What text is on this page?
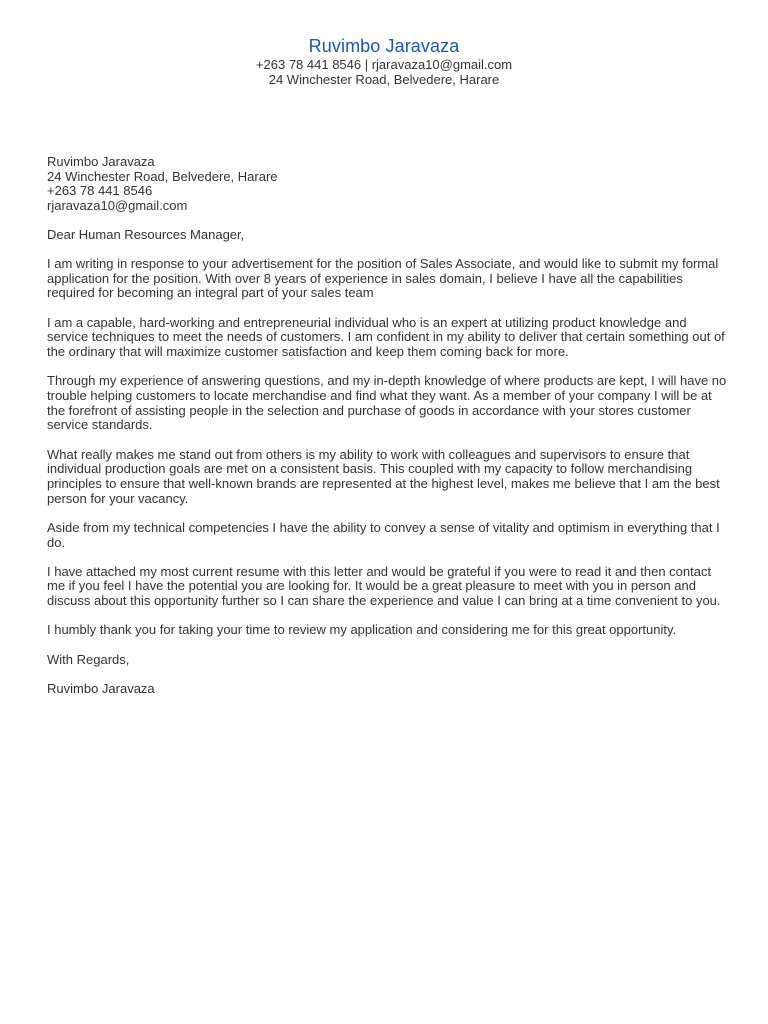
Ruvimbo Jaravaza
+263 78 441 8546 | rjaravaza10@gmail.com
24 Winchester Road, Belvedere, Harare
Ruvimbo Jaravaza
24 Winchester Road, Belvedere, Harare
+263 78 441 8546
rjaravaza10@gmail.com
Dear Human Resources Manager,
I am writing in response to your advertisement for the position of Sales Associate, and would like to submit my formal application for the position. With over 8 years of experience in sales domain, I believe I have all the capabilities required for becoming an integral part of your sales team
I am a capable, hard-working and entrepreneurial individual who is an expert at utilizing product knowledge and service techniques to meet the needs of customers. I am confident in my ability to deliver that certain something out of the ordinary that will maximize customer satisfaction and keep them coming back for more.
Through my experience of answering questions, and my in-depth knowledge of where products are kept, I will have no trouble helping customers to locate merchandise and find what they want. As a member of your company I will be at the forefront of assisting people in the selection and purchase of goods in accordance with your stores customer service standards.
What really makes me stand out from others is my ability to work with colleagues and supervisors to ensure that individual production goals are met on a consistent basis. This coupled with my capacity to follow merchandising principles to ensure that well-known brands are represented at the highest level, makes me believe that I am the best person for your vacancy.
Aside from my technical competencies I have the ability to convey a sense of vitality and optimism in everything that I do.
I have attached my most current resume with this letter and would be grateful if you were to read it and then contact me if you feel I have the potential you are looking for. It would be a great pleasure to meet with you in person and discuss about this opportunity further so I can share the experience and value I can bring at a time convenient to you.
I humbly thank you for taking your time to review my application and considering me for this great opportunity.
With Regards,
Ruvimbo Jaravaza
